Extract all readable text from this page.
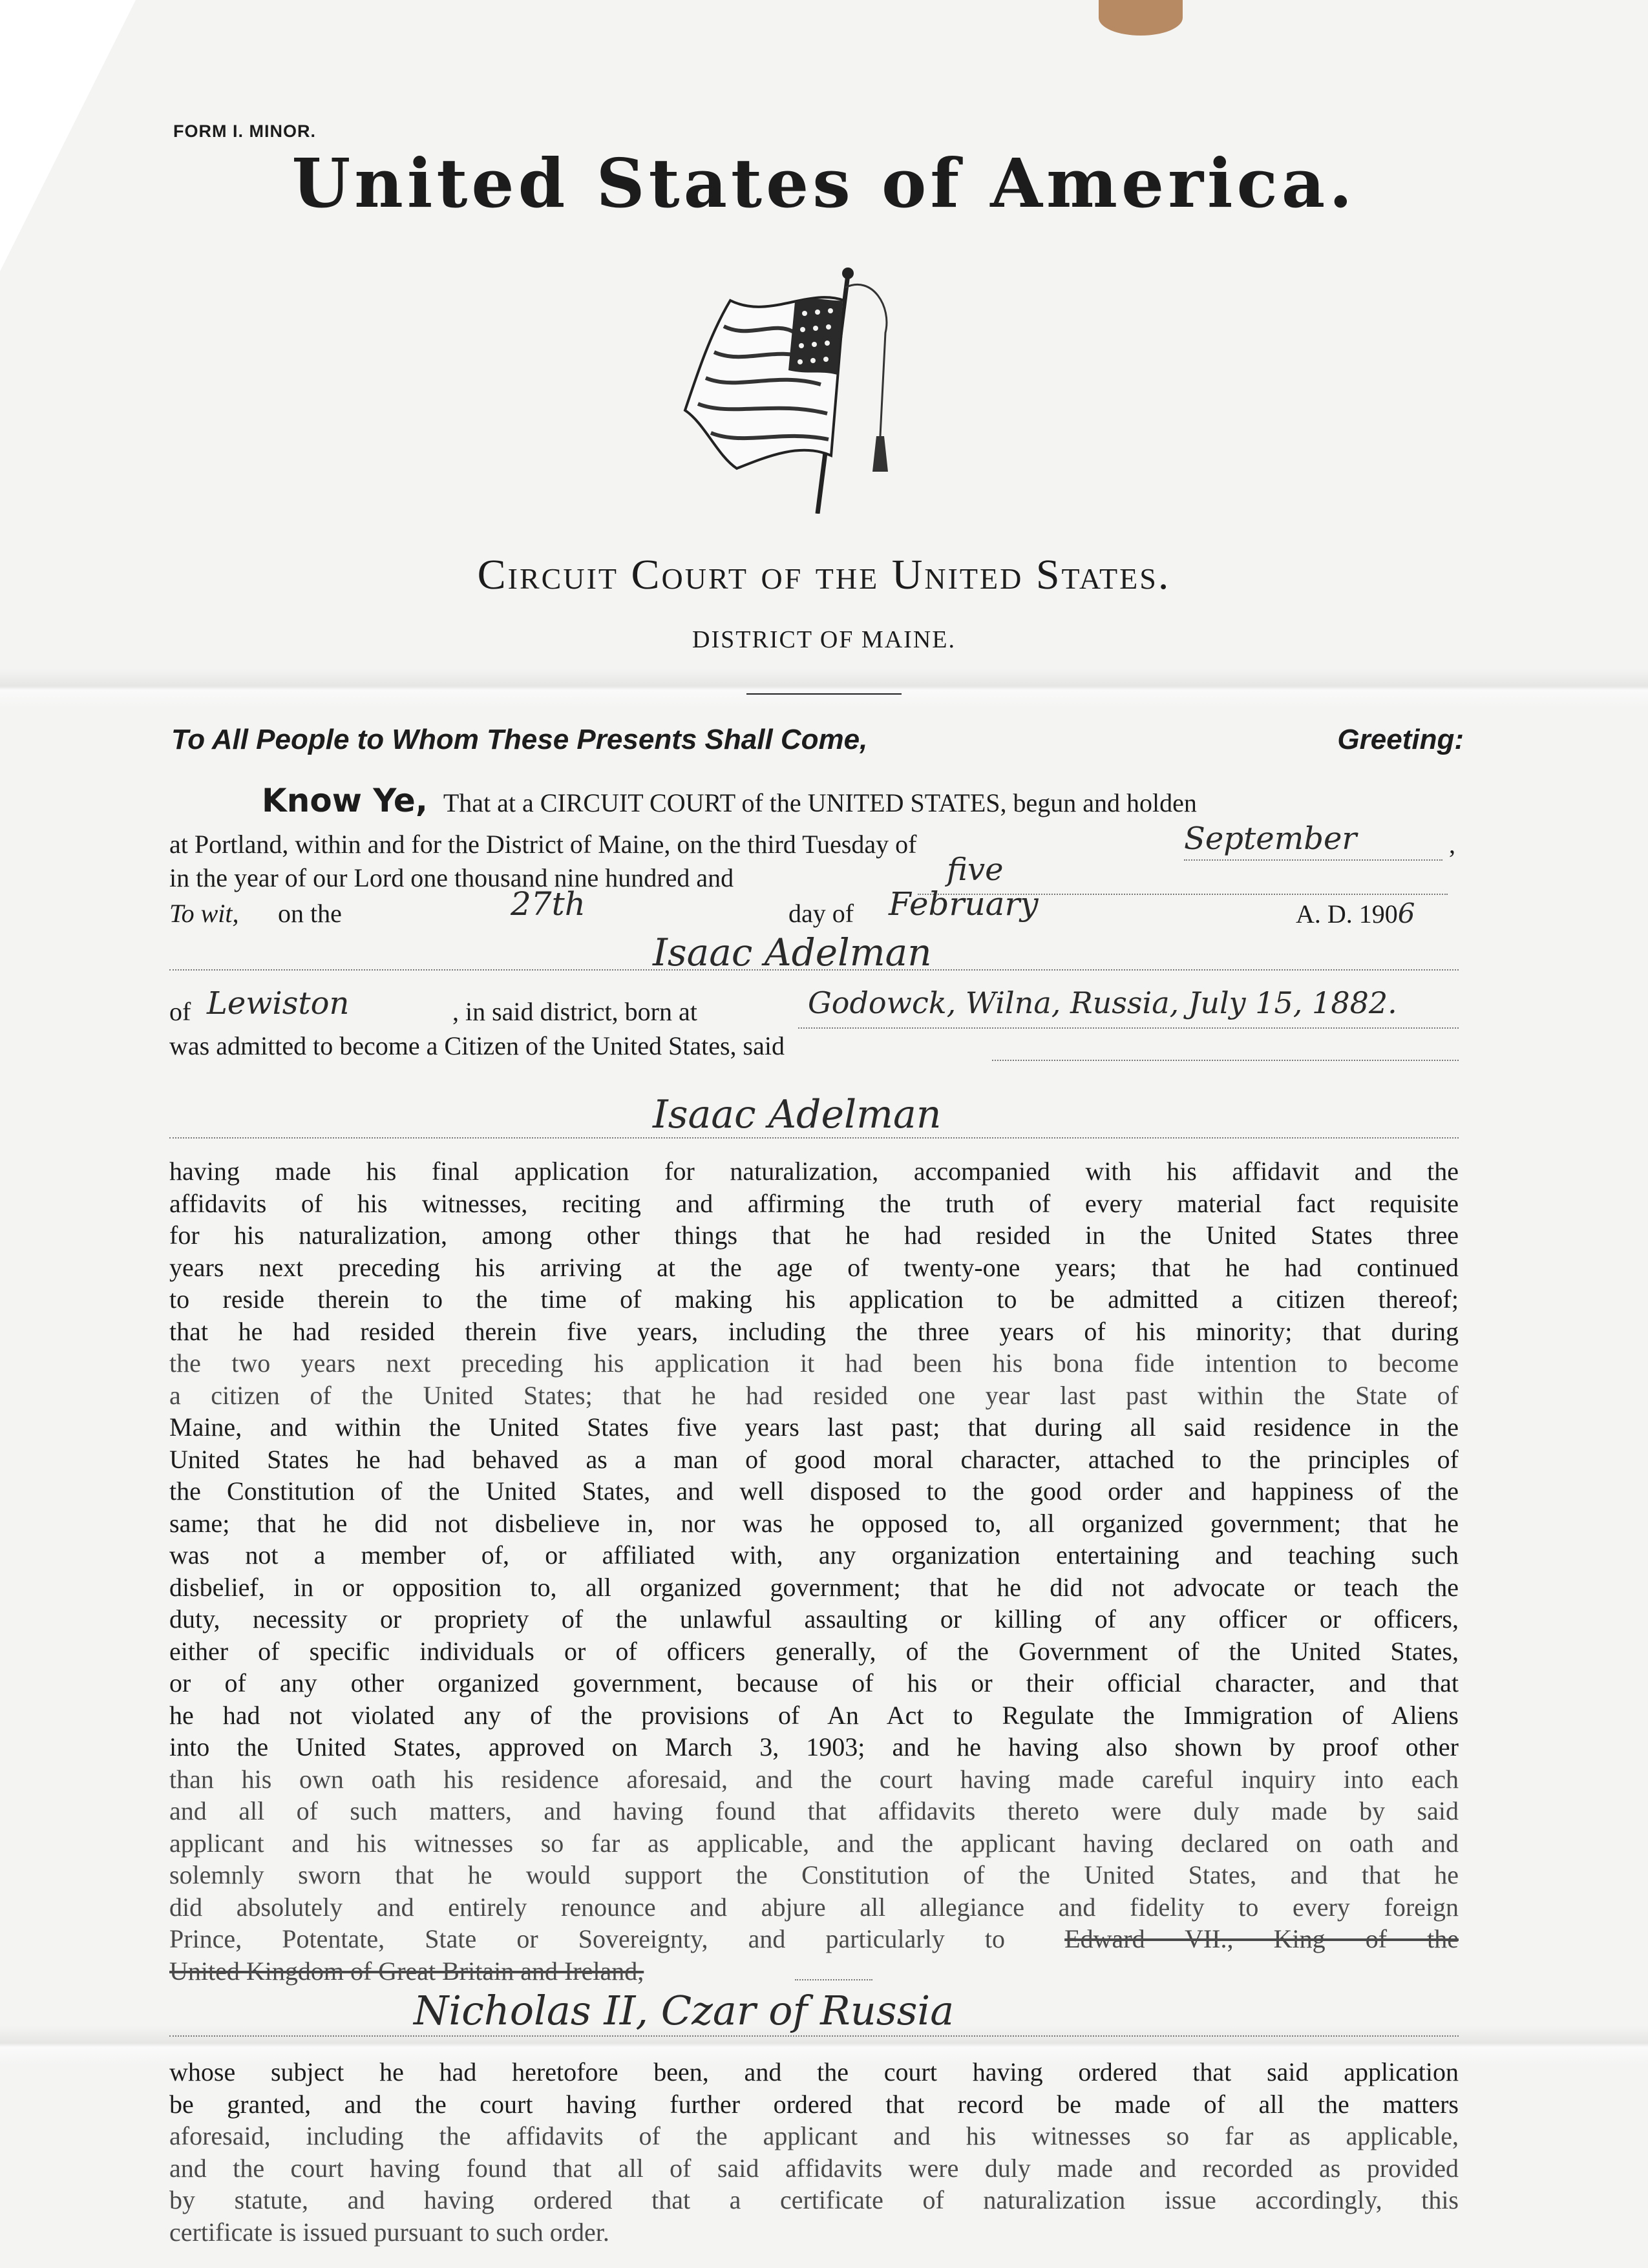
FORM I. MINOR.
United States of America.
Circuit Court of the United States.
DISTRICT OF MAINE.
To All People to Whom These Presents Shall Come,	Greeting:
Know Ye, That at a CIRCUIT COURT of the UNITED STATES, begun and holden
at Portland, within and for the District of Maine, on the third Tuesday of	September	,
in the year of our Lord one thousand nine hundred and	five
To wit, on the	27th	day of February	A. D. 1906
Isaac Adelman
of Lewiston	, in said district, born at	Godowck, Wilna, Russia, July 15, 1882.
was admitted to become a Citizen of the United States, said
Isaac Adelman
having made his final application for naturalization, accompanied with his affidavit and the
affidavits of his witnesses, reciting and affirming the truth of every material fact requisite
for his naturalization, among other things that he had resided in the United States three
years next preceding his arriving at the age of twenty-one years; that he had continued
to reside therein to the time of making his application to be admitted a citizen thereof;
that he had resided therein five years, including the three years of his minority; that during
the two years next preceding his application it had been his bona fide intention to become
a citizen of the United States; that he had resided one year last past within the State of
Maine, and within the United States five years last past; that during all said residence in the
United States he had behaved as a man of good moral character, attached to the principles of
the Constitution of the United States, and well disposed to the good order and happiness of the
same; that he did not disbelieve in, nor was he opposed to, all organized government; that he
was not a member of, or affiliated with, any organization entertaining and teaching such
disbelief, in or opposition to, all organized government; that he did not advocate or teach the
duty, necessity or propriety of the unlawful assaulting or killing of any officer or officers,
either of specific individuals or of officers generally, of the Government of the United States,
or of any other organized government, because of his or their official character, and that
he had not violated any of the provisions of An Act to Regulate the Immigration of Aliens
into the United States, approved on March 3, 1903; and he having also shown by proof other
than his own oath his residence aforesaid, and the court having made careful inquiry into each
and all of such matters, and having found that affidavits thereto were duly made by said
applicant and his witnesses so far as applicable, and the applicant having declared on oath and
solemnly sworn that he would support the Constitution of the United States, and that he
did absolutely and entirely renounce and abjure all allegiance and fidelity to every foreign
Prince, Potentate, State or Sovereignty, and particularly to Edward VII., King of the
United Kingdom of Great Britain and Ireland,
Nicholas II, Czar of Russia
whose subject he had heretofore been, and the court having ordered that said application
be granted, and the court having further ordered that record be made of all the matters
aforesaid, including the affidavits of the applicant and his witnesses so far as applicable,
and the court having found that all of said affidavits were duly made and recorded as provided
by statute, and having ordered that a certificate of naturalization issue accordingly, this
certificate is issued pursuant to such order.
